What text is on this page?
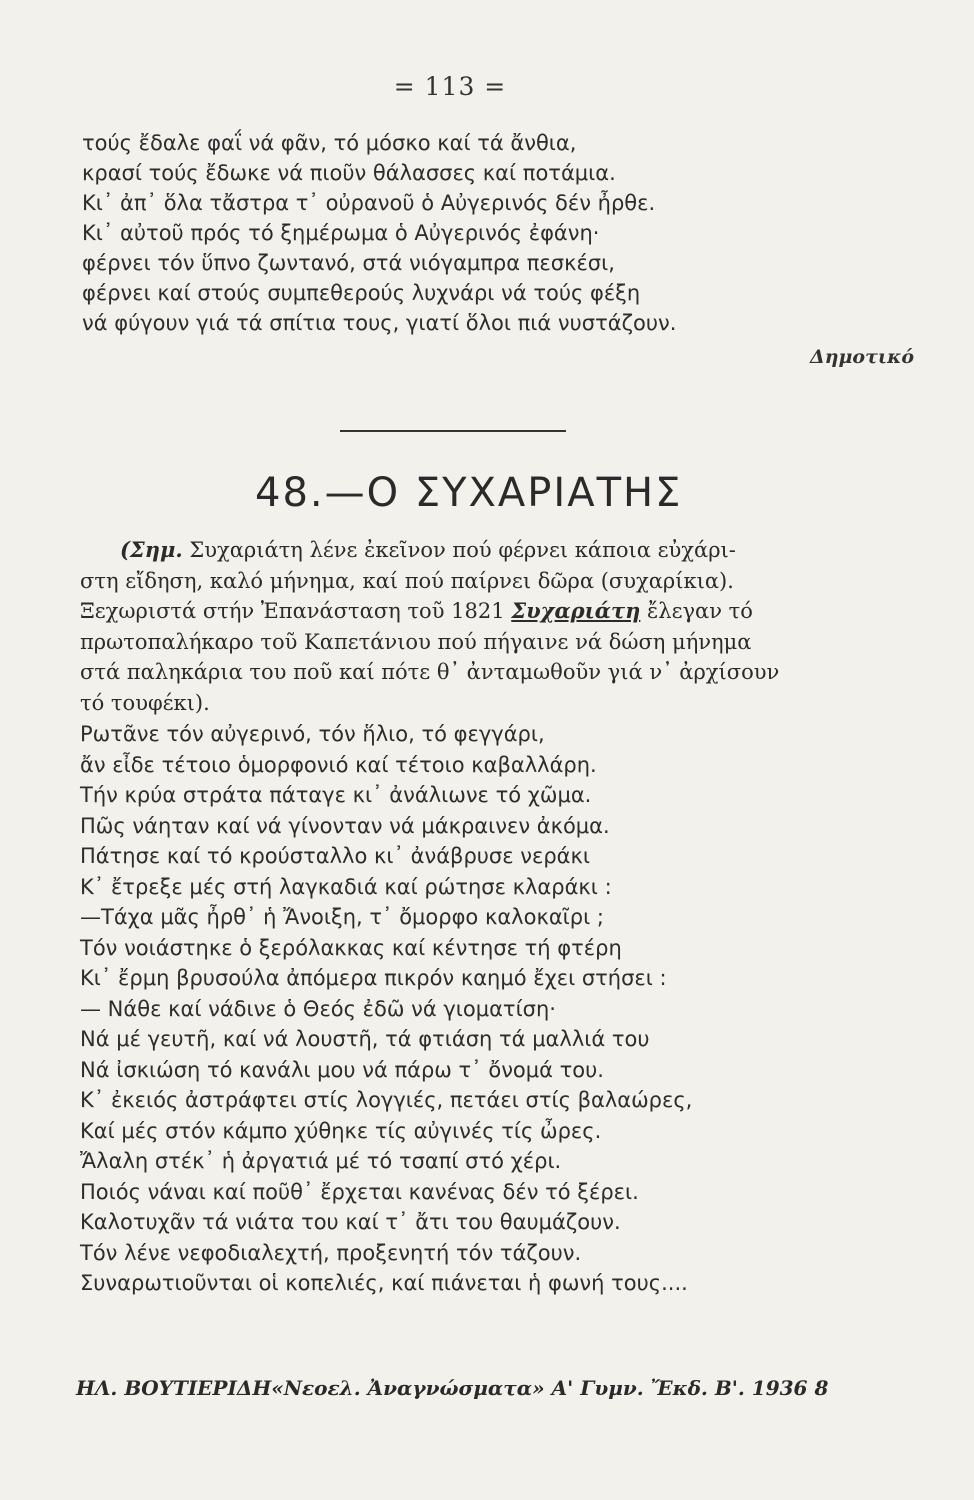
= 113 =
τούς ἔδαλε φαΐ νά φᾶν, τό μόσκο καί τά ἄνθια,
κρασί τούς ἔδωκε νά πιοῦν θάλασσες καί ποτάμια.
Κι᾽ ἀπ᾽ ὅλα τἄστρα τ᾽ οὐρανοῦ ὁ Αὐγερινός δέν ἦρθε.
Κι᾽ αὐτοῦ πρός τό ξημέρωμα ὁ Αὐγερινός ἐφάνη·
φέρνει τόν ὕπνο ζωντανό, στά νιόγαμπρα πεσκέσι,
φέρνει καί στούς συμπεθερούς λυχνάρι νά τούς φέξη
νά φύγουν γιά τά σπίτια τους, γιατί ὅλοι πιά νυστάζουν.
Δημοτικό
48.—Ο ΣΥΧΑΡΙΑΤΗΣ
(Σημ. Συχαριάτη λένε ἐκεῖνον πού φέρνει κάποια εὐχάρι-
στη εἴδηση, καλό μήνημα, καί πού παίρνει δῶρα (συχαρίκια).
Ξεχωριστά στήν Ἐπανάσταση τοῦ 1821 Συχαριάτη ἔλεγαν τό
πρωτοπαλήκαρο τοῦ Καπετάνιου πού πήγαινε νά δώση μήνημα
στά παληκάρια του ποῦ καί πότε θ᾽ ἀνταμωθοῦν γιά ν᾽ ἀρχίσουν
τό τουφέκι).
Ρωτᾶνε τόν αὐγερινό, τόν ἥλιο, τό φεγγάρι,
ἄν εἶδε τέτοιο ὁμορφονιό καί τέτοιο καβαλλάρη.
Τήν κρύα στράτα πάταγε κι᾽ ἀνάλιωνε τό χῶμα.
Πῶς νάηταν καί νά γίνονταν νά μάκραινεν ἀκόμα.
Πάτησε καί τό κρούσταλλο κι᾽ ἀνάβρυσε νεράκι
Κ᾽ ἔτρεξε μές στή λαγκαδιά καί ρώτησε κλαράκι :
—Τάχα μᾶς ἦρθ᾽ ἡ Ἄνοιξη, τ᾽ ὄμορφο καλοκαῖρι ;
Τόν νοιάστηκε ὁ ξερόλακκας καί κέντησε τή φτέρη
Κι᾽ ἔρμη βρυσούλα ἀπόμερα πικρόν καημό ἔχει στήσει :
— Νάθε καί νάδινε ὁ Θεός ἐδῶ νά γιοματίση·
Νά μέ γευτῆ, καί νά λουστῆ, τά φτιάση τά μαλλιά του
Νά ἰσκιώση τό κανάλι μου νά πάρω τ᾽ ὄνομά του.
Κ᾽ ἐκειός ἀστράφτει στίς λογγιές, πετάει στίς βαλαώρες,
Καί μές στόν κάμπο χύθηκε τίς αὐγινές τίς ὦρες.
Ἄλαλη στέκ᾽ ἡ ἀργατιά μέ τό τσαπί στό χέρι.
Ποιός νάναι καί ποῦθ᾽ ἔρχεται κανένας δέν τό ξέρει.
Καλοτυχᾶν τά νιάτα του καί τ᾽ ἄτι του θαυμάζουν.
Τόν λένε νεφοδιαλεχτή, προξενητή τόν τάζουν.
Συναρωτιοῦνται οἱ κοπελιές, καί πιάνεται ἡ φωνή τους....
ΗΛ. ΒΟΥΤΙΕΡΙΔΗ«Νεοελ. Ἀναγνώσματα» Α' Γυμν. Ἔκδ. Β'. 1936 8
